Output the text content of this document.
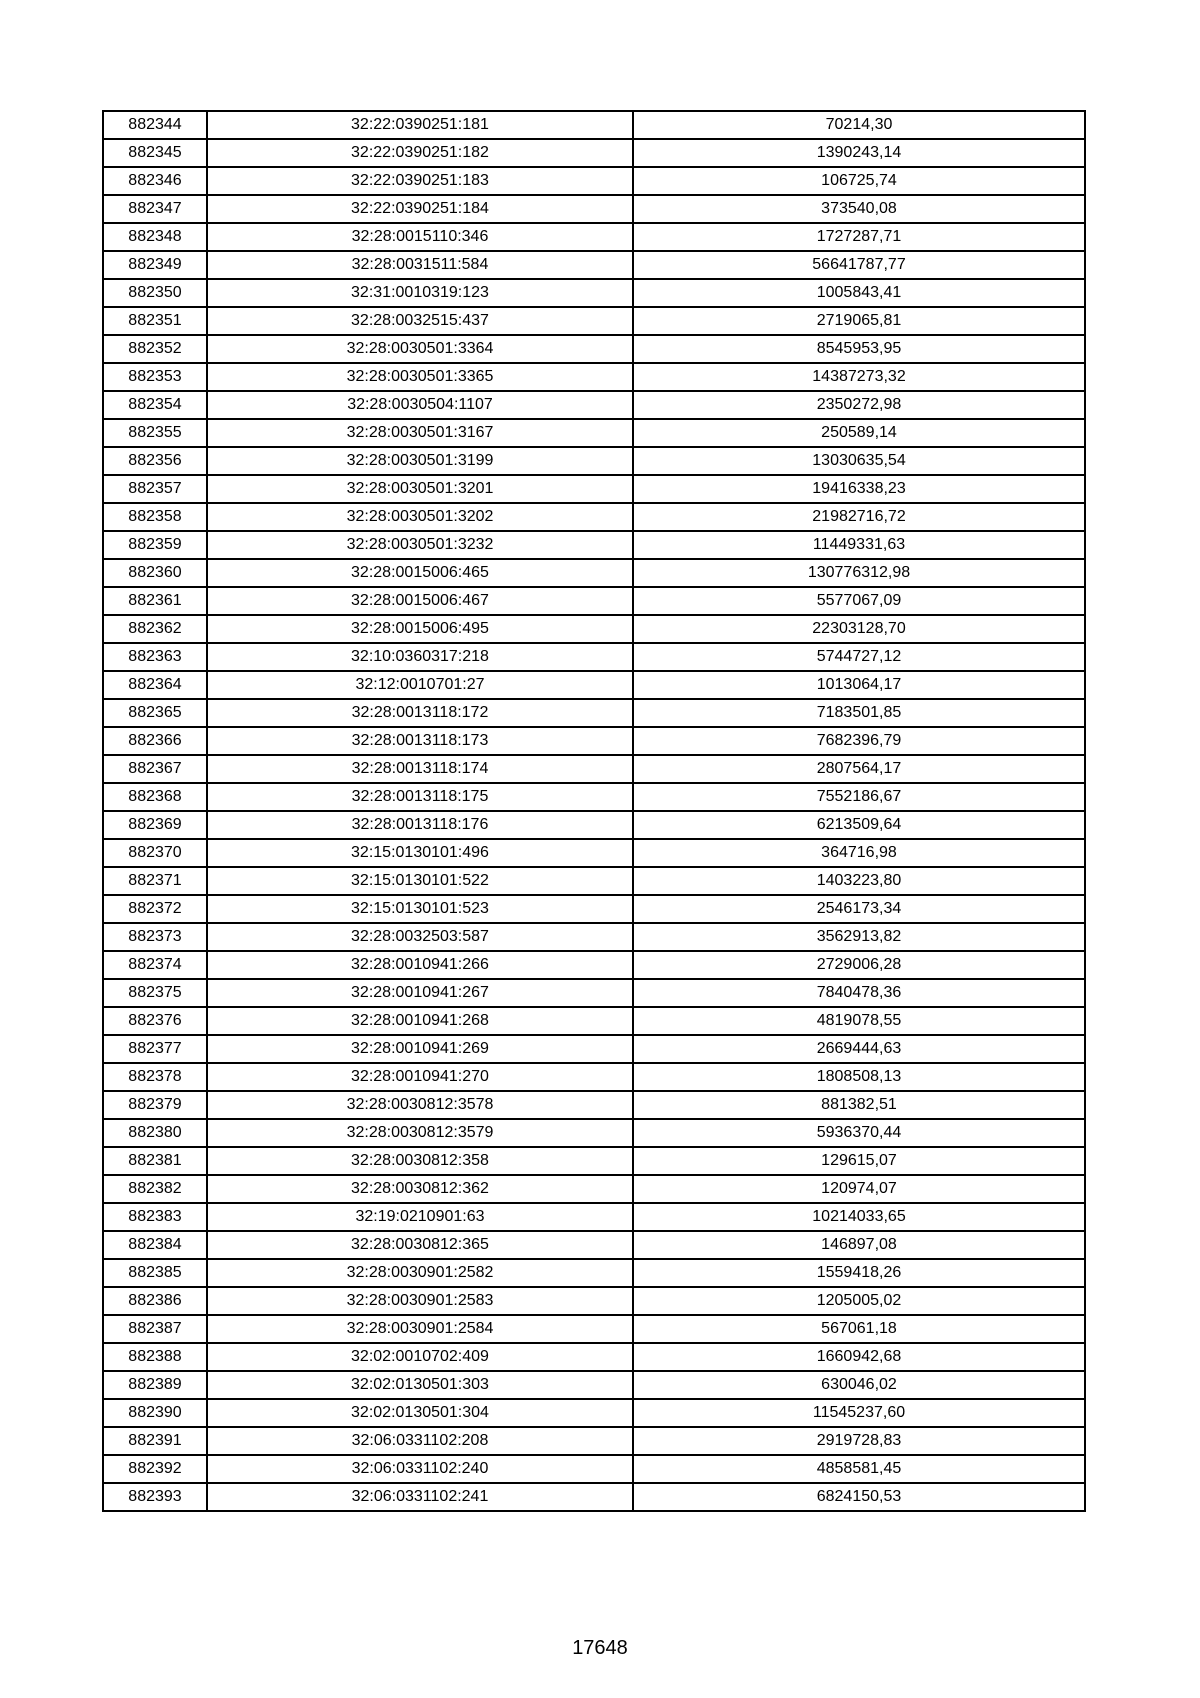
882344	32:22:0390251:181	70214,30
882345	32:22:0390251:182	1390243,14
882346	32:22:0390251:183	106725,74
882347	32:22:0390251:184	373540,08
882348	32:28:0015110:346	1727287,71
882349	32:28:0031511:584	56641787,77
882350	32:31:0010319:123	1005843,41
882351	32:28:0032515:437	2719065,81
882352	32:28:0030501:3364	8545953,95
882353	32:28:0030501:3365	14387273,32
882354	32:28:0030504:1107	2350272,98
882355	32:28:0030501:3167	250589,14
882356	32:28:0030501:3199	13030635,54
882357	32:28:0030501:3201	19416338,23
882358	32:28:0030501:3202	21982716,72
882359	32:28:0030501:3232	11449331,63
882360	32:28:0015006:465	130776312,98
882361	32:28:0015006:467	5577067,09
882362	32:28:0015006:495	22303128,70
882363	32:10:0360317:218	5744727,12
882364	32:12:0010701:27	1013064,17
882365	32:28:0013118:172	7183501,85
882366	32:28:0013118:173	7682396,79
882367	32:28:0013118:174	2807564,17
882368	32:28:0013118:175	7552186,67
882369	32:28:0013118:176	6213509,64
882370	32:15:0130101:496	364716,98
882371	32:15:0130101:522	1403223,80
882372	32:15:0130101:523	2546173,34
882373	32:28:0032503:587	3562913,82
882374	32:28:0010941:266	2729006,28
882375	32:28:0010941:267	7840478,36
882376	32:28:0010941:268	4819078,55
882377	32:28:0010941:269	2669444,63
882378	32:28:0010941:270	1808508,13
882379	32:28:0030812:3578	881382,51
882380	32:28:0030812:3579	5936370,44
882381	32:28:0030812:358	129615,07
882382	32:28:0030812:362	120974,07
882383	32:19:0210901:63	10214033,65
882384	32:28:0030812:365	146897,08
882385	32:28:0030901:2582	1559418,26
882386	32:28:0030901:2583	1205005,02
882387	32:28:0030901:2584	567061,18
882388	32:02:0010702:409	1660942,68
882389	32:02:0130501:303	630046,02
882390	32:02:0130501:304	11545237,60
882391	32:06:0331102:208	2919728,83
882392	32:06:0331102:240	4858581,45
882393	32:06:0331102:241	6824150,53
17648
